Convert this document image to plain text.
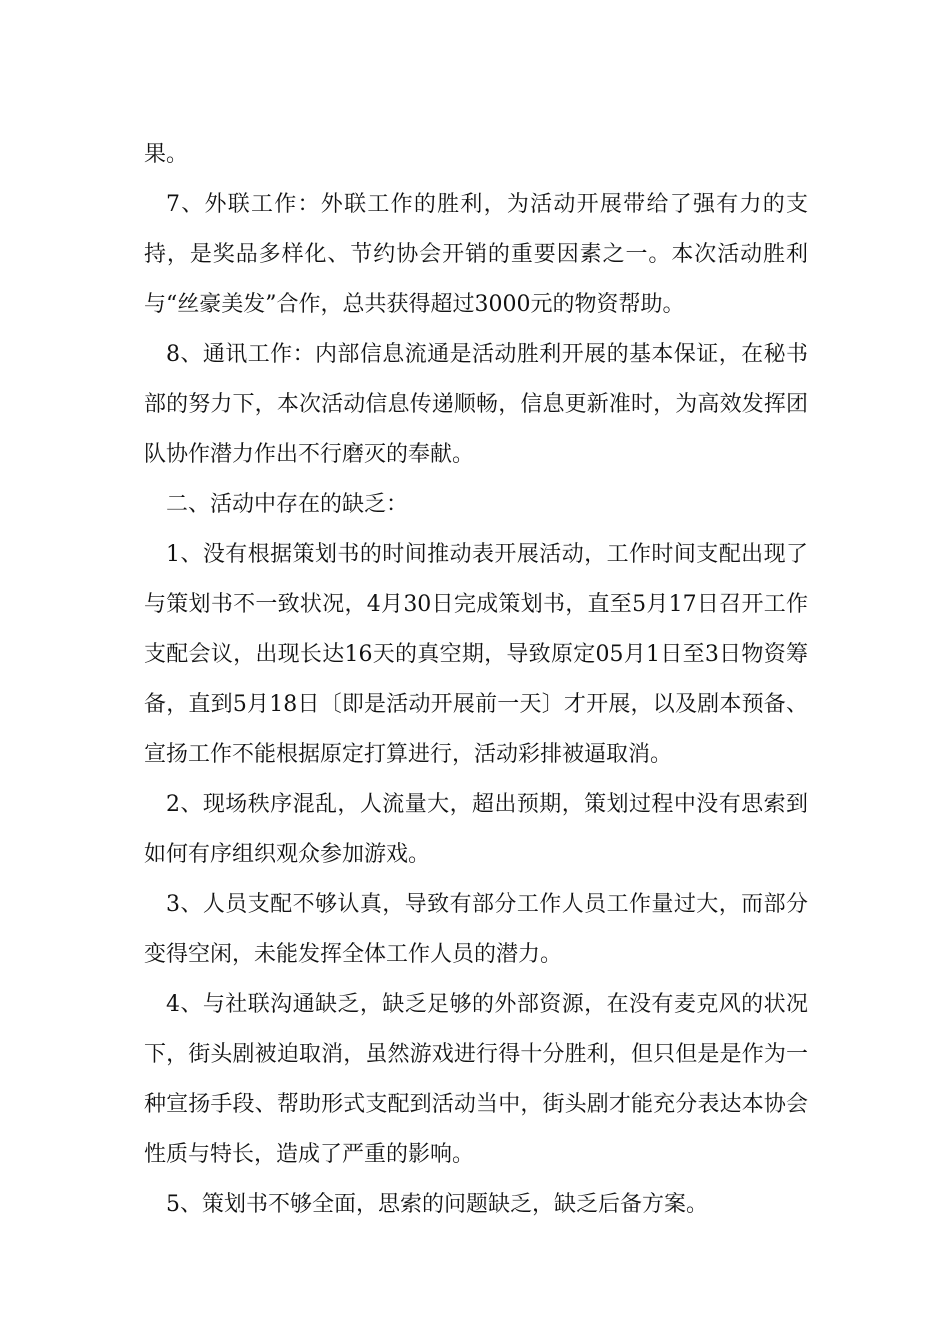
果。

7、外联工作：外联工作的胜利，为活动开展带给了强有力的支持，是奖品多样化、节约协会开销的重要因素之一。本次活动胜利与“丝豪美发”合作，总共获得超过3000元的物资帮助。

8、通讯工作：内部信息流通是活动胜利开展的基本保证，在秘书部的努力下，本次活动信息传递顺畅，信息更新准时，为高效发挥团队协作潜力作出不行磨灭的奉献。

二、活动中存在的缺乏：

1、没有根据策划书的时间推动表开展活动，工作时间支配出现了与策划书不一致状况，4月30日完成策划书，直至5月17日召开工作支配会议，出现长达16天的真空期，导致原定05月1日至3日物资筹备，直到5月18日〔即是活动开展前一天〕才开展，以及剧本预备、宣扬工作不能根据原定打算进行，活动彩排被逼取消。

2、现场秩序混乱，人流量大，超出预期，策划过程中没有思索到如何有序组织观众参加游戏。

3、人员支配不够认真，导致有部分工作人员工作量过大，而部分变得空闲，未能发挥全体工作人员的潜力。

4、与社联沟通缺乏，缺乏足够的外部资源，在没有麦克风的状况下，街头剧被迫取消，虽然游戏进行得十分胜利，但只但是是作为一种宣扬手段、帮助形式支配到活动当中，街头剧才能充分表达本协会性质与特长，造成了严重的影响。

5、策划书不够全面，思索的问题缺乏，缺乏后备方案。
